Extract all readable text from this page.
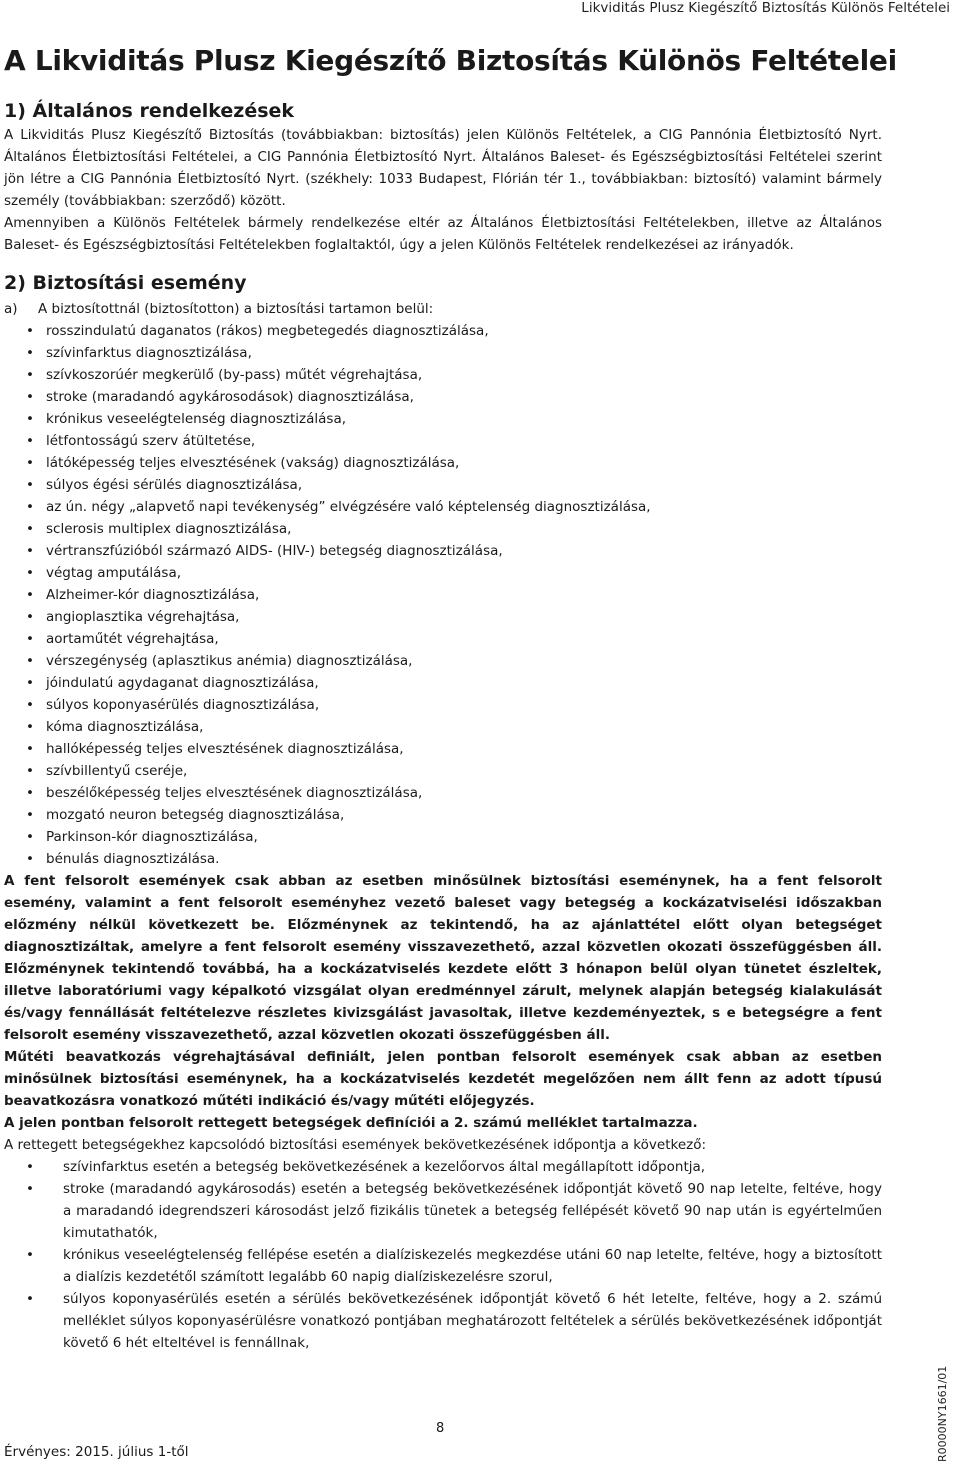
Likviditás Plusz Kiegészítő Biztosítás Különös Feltételei
A Likviditás Plusz Kiegészítő Biztosítás Különös Feltételei
1) Általános rendelkezések

A Likviditás Plusz Kiegészítő Biztosítás (továbbiakban: biztosítás) jelen Különös Feltételek, a CIG Pannónia Életbiztosító Nyrt. Általános Életbiztosítási Feltételei, a CIG Pannónia Életbiztosító Nyrt. Általános Baleset- és Egészségbiztosítási Feltételei szerint jön létre a CIG Pannónia Életbiztosító Nyrt. (székhely: 1033 Budapest, Flórián tér 1., továbbiakban: biztosító) valamint bármely személy (továbbiakban: szerződő) között.

Amennyiben a Különös Feltételek bármely rendelkezése eltér az Általános Életbiztosítási Feltételekben, illetve az Általános Baleset- és Egészségbiztosítási Feltételekben foglaltaktól, úgy a jelen Különös Feltételek rendelkezései az irányadók.

2) Biztosítási esemény
a) A biztosítottnál (biztosítotton) a biztosítási tartamon belül:
• rosszindulatú daganatos (rákos) megbetegedés diagnosztizálása,
• szívinfarktus diagnosztizálása,
• szívkoszorúér megkerülő (by-pass) műtét végrehajtása,
• stroke (maradandó agykárosodások) diagnosztizálása,
• krónikus veseelégtelenség diagnosztizálása,
• létfontosságú szerv átültetése,
• látóképesség teljes elvesztésének (vakság) diagnosztizálása,
• súlyos égési sérülés diagnosztizálása,
• az ún. négy „alapvető napi tevékenység” elvégzésére való képtelenség diagnosztizálása,
• sclerosis multiplex diagnosztizálása,
• vértranszfúzióból származó AIDS- (HIV-) betegség diagnosztizálása,
• végtag amputálása,
• Alzheimer-kór diagnosztizálása,
• angioplasztika végrehajtása,
• aortaműtét végrehajtása,
• vérszegénység (aplasztikus anémia) diagnosztizálása,
• jóindulatú agydaganat diagnosztizálása,
• súlyos koponyasérülés diagnosztizálása,
• kóma diagnosztizálása,
• hallóképesség teljes elvesztésének diagnosztizálása,
• szívbillentyű cseréje,
• beszélőképesség teljes elvesztésének diagnosztizálása,
• mozgató neuron betegség diagnosztizálása,
• Parkinson-kór diagnosztizálása,
• bénulás diagnosztizálása.

A fent felsorolt események csak abban az esetben minősülnek biztosítási eseménynek, ha a fent felsorolt esemény, valamint a fent felsorolt eseményhez vezető baleset vagy betegség a kockázatviselési időszakban előzmény nélkül következett be. Előzménynek az tekintendő, ha az ajánlattétel előtt olyan betegséget diagnosztizáltak, amelyre a fent felsorolt esemény visszavezethető, azzal közvetlen okozati összefüggésben áll. Előzménynek tekintendő továbbá, ha a kockázatviselés kezdete előtt 3 hónapon belül olyan tünetet észleltek, illetve laboratóriumi vagy képalkotó vizsgálat olyan eredménnyel zárult, melynek alapján betegség kialakulását és/vagy fennállását feltételezve részletes kivizsgálást javasoltak, illetve kezdeményeztek, s e betegségre a fent felsorolt esemény visszavezethető, azzal közvetlen okozati összefüggésben áll.

Műtéti beavatkozás végrehajtásával definiált, jelen pontban felsorolt események csak abban az esetben minősülnek biztosítási eseménynek, ha a kockázatviselés kezdetét megelőzően nem állt fenn az adott típusú beavatkozásra vonatkozó műtéti indikáció és/vagy műtéti előjegyzés.

A jelen pontban felsorolt rettegett betegségek definíciói a 2. számú melléklet tartalmazza.

A rettegett betegségekhez kapcsolódó biztosítási események bekövetkezésének időpontja a következő:

• szívinfarktus esetén a betegség bekövetkezésének a kezelőorvos által megállapított időpontja,
• stroke (maradandó agykárosodás) esetén a betegség bekövetkezésének időpontját követő 90 nap letelte, feltéve, hogy a maradandó idegrendszeri károsodást jelző fizikális tünetek a betegség fellépését követő 90 nap után is egyértelműen kimutathatók,
• krónikus veseelégtelenség fellépése esetén a dialíziskezelés megkezdése utáni 60 nap letelte, feltéve, hogy a biztosított a dialízis kezdetétől számított legalább 60 napig dialíziskezelésre szorul,
• súlyos koponyasérülés esetén a sérülés bekövetkezésének időpontját követő 6 hét letelte, feltéve, hogy a 2. számú melléklet súlyos koponyasérülésre vonatkozó pontjában meghatározott feltételek a sérülés bekövetkezésének időpontját követő 6 hét elteltével is fennállnak,
8
Érvényes: 2015. július 1-től	R0000NY1661/01
